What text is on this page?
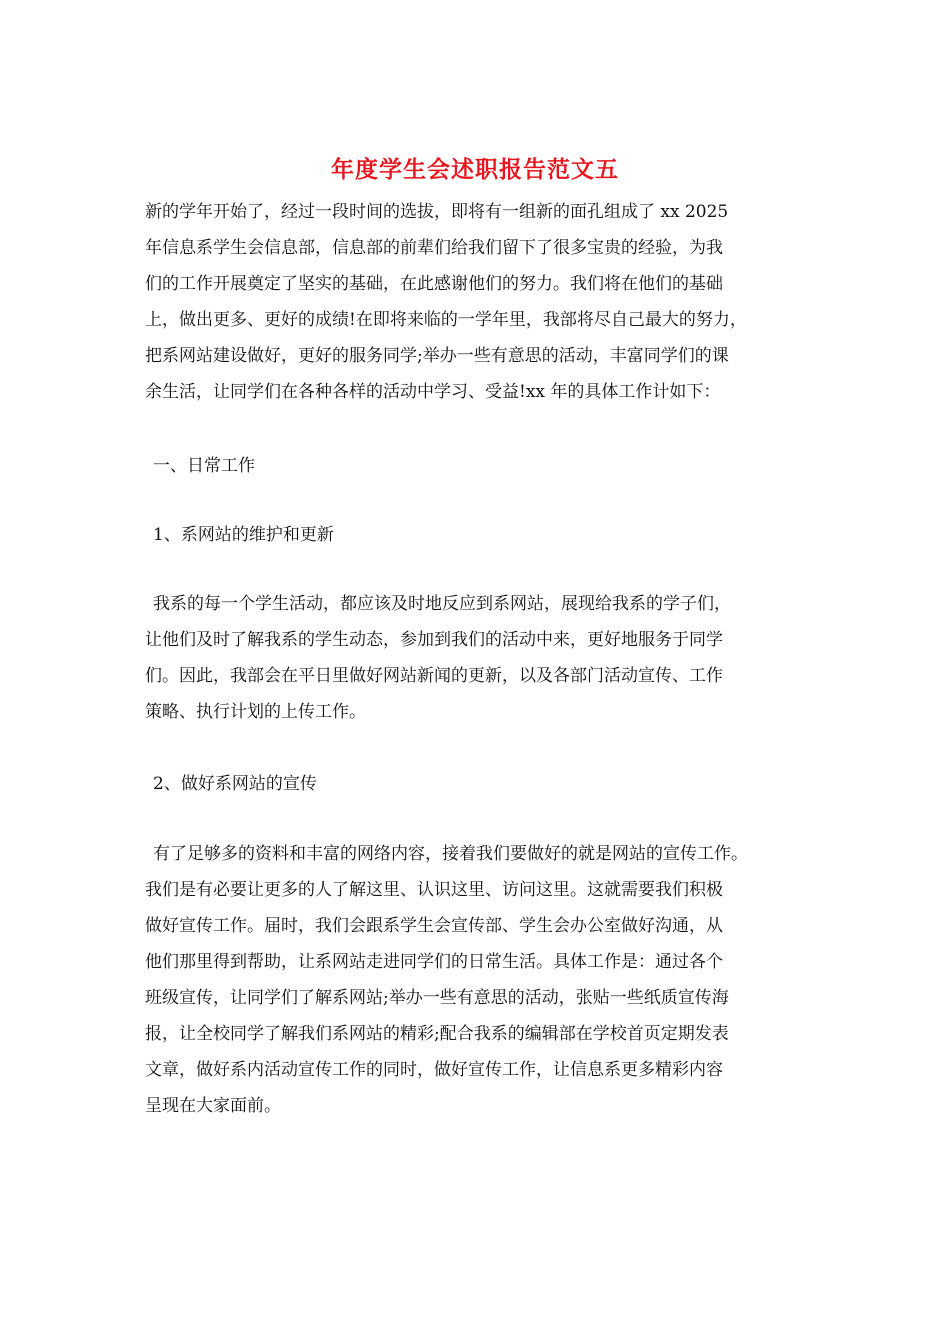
年度学生会述职报告范文五
新的学年开始了，经过一段时间的选拔，即将有一组新的面孔组成了 xx 2025
年信息系学生会信息部，信息部的前辈们给我们留下了很多宝贵的经验，为我
们的工作开展奠定了坚实的基础，在此感谢他们的努力。我们将在他们的基础
上，做出更多、更好的成绩!在即将来临的一学年里，我部将尽自己最大的努力，
把系网站建设做好，更好的服务同学;举办一些有意思的活动，丰富同学们的课
余生活，让同学们在各种各样的活动中学习、受益!xx 年的具体工作计如下：
一、日常工作
1、系网站的维护和更新
我系的每一个学生活动，都应该及时地反应到系网站，展现给我系的学子们，
让他们及时了解我系的学生动态，参加到我们的活动中来，更好地服务于同学
们。因此，我部会在平日里做好网站新闻的更新，以及各部门活动宣传、工作
策略、执行计划的上传工作。
2、做好系网站的宣传
有了足够多的资料和丰富的网络内容，接着我们要做好的就是网站的宣传工作。
我们是有必要让更多的人了解这里、认识这里、访问这里。这就需要我们积极
做好宣传工作。届时，我们会跟系学生会宣传部、学生会办公室做好沟通，从
他们那里得到帮助，让系网站走进同学们的日常生活。具体工作是：通过各个
班级宣传，让同学们了解系网站;举办一些有意思的活动，张贴一些纸质宣传海
报，让全校同学了解我们系网站的精彩;配合我系的编辑部在学校首页定期发表
文章，做好系内活动宣传工作的同时，做好宣传工作，让信息系更多精彩内容
呈现在大家面前。
